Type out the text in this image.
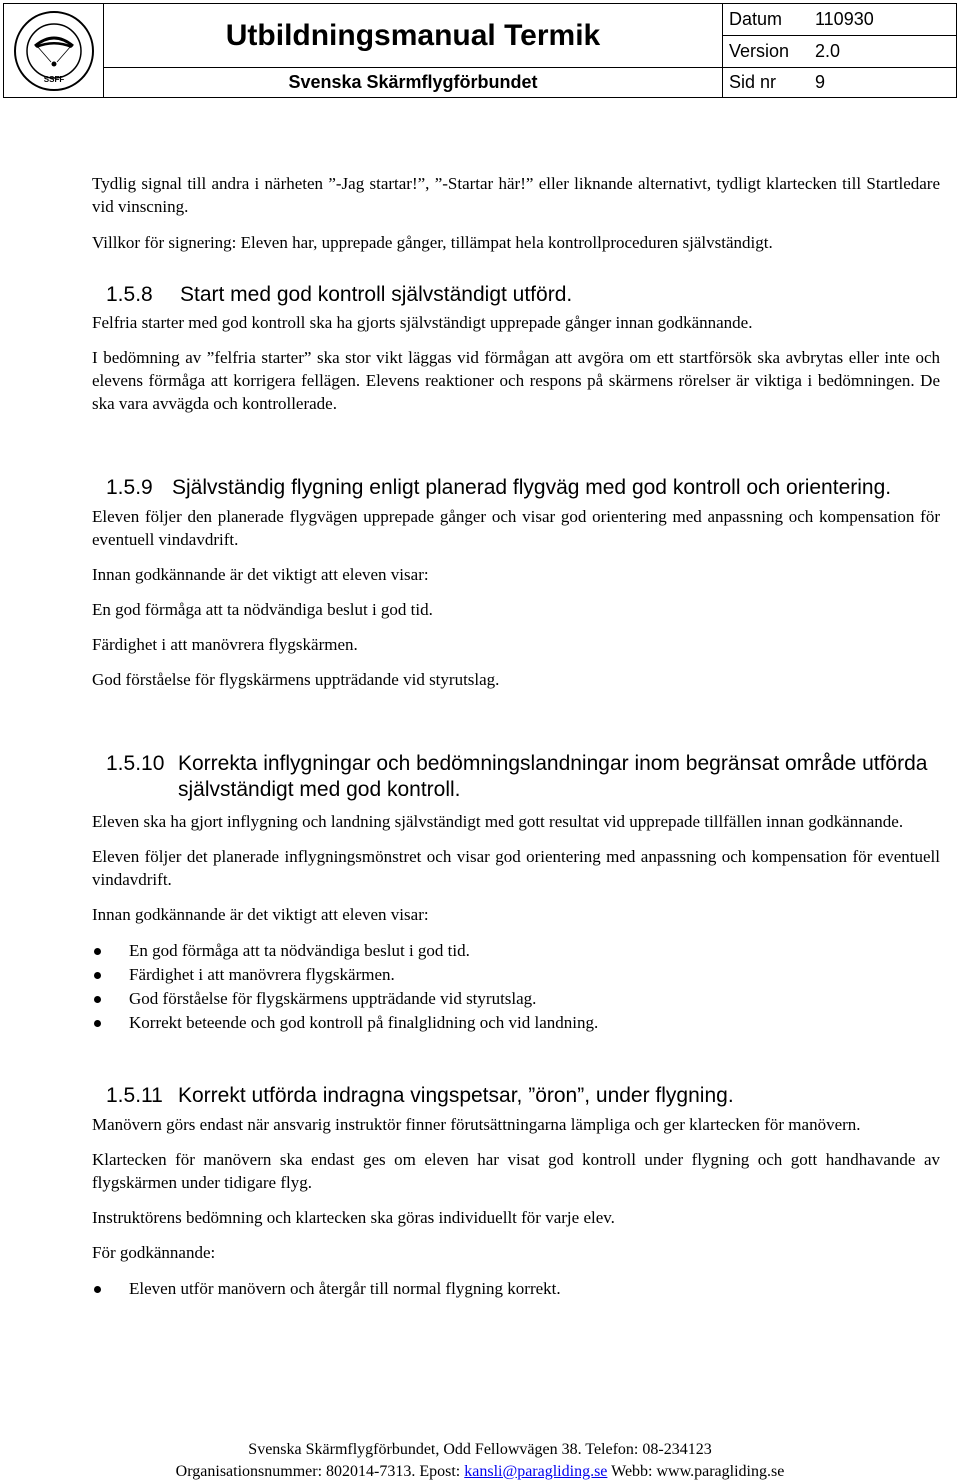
SSFF
Utbildningsmanual Termik
Svenska Skärmflygförbundet
Datum	110930
Version	2.0
Sid nr	9

Tydlig signal till andra i närheten ”-Jag startar!”, ”-Startar här!” eller liknande alternativt, tydligt klartecken till Startledare vid vinscning.

Villkor för signering: Eleven har, upprepade gånger, tillämpat hela kontrollproceduren självständigt.

1.5.8	Start med god kontroll självständigt utförd.

Felfria starter med god kontroll ska ha gjorts självständigt upprepade gånger innan godkännande.

I bedömning av ”felfria starter” ska stor vikt läggas vid förmågan att avgöra om ett startförsök ska avbrytas eller inte och elevens förmåga att korrigera fellägen. Elevens reaktioner och respons på skärmens rörelser är viktiga i bedömningen. De ska vara avvägda och kontrollerade.

1.5.9 Självständig flygning enligt planerad flygväg med god kontroll och orientering.

Eleven följer den planerade flygvägen upprepade gånger och visar god orientering med anpassning och kompensation för eventuell vindavdrift.

Innan godkännande är det viktigt att eleven visar:

En god förmåga att ta nödvändiga beslut i god tid.

Färdighet i att manövrera flygskärmen.

God förståelse för flygskärmens uppträdande vid styrutslag.

1.5.10 Korrekta inflygningar och bedömningslandningar inom begränsat område utförda självständigt med god kontroll.

Eleven ska ha gjort inflygning och landning självständigt med gott resultat vid upprepade tillfällen innan godkännande.

Eleven följer det planerade inflygningsmönstret och visar god orientering med anpassning och kompensation för eventuell vindavdrift.

Innan godkännande är det viktigt att eleven visar:

En god förmåga att ta nödvändiga beslut i god tid.
Färdighet i att manövrera flygskärmen.
God förståelse för flygskärmens uppträdande vid styrutslag.
Korrekt beteende och god kontroll på finalglidning och vid landning.
1.5.11 Korrekt utförda indragna vingspetsar, ”öron”, under flygning.

Manövern görs endast när ansvarig instruktör finner förutsättningarna lämpliga och ger klartecken för manövern.

Klartecken för manövern ska endast ges om eleven har visat god kontroll under flygning och gott handhavande av flygskärmen under tidigare flyg.

Instruktörens bedömning och klartecken ska göras individuellt för varje elev.

För godkännande:

Eleven utför manövern och återgår till normal flygning korrekt.
Svenska Skärmflygförbundet, Odd Fellowvägen 38. Telefon: 08-234123
Organisationsnummer: 802014-7313. Epost: kansli@paragliding.se Webb: www.paragliding.se
